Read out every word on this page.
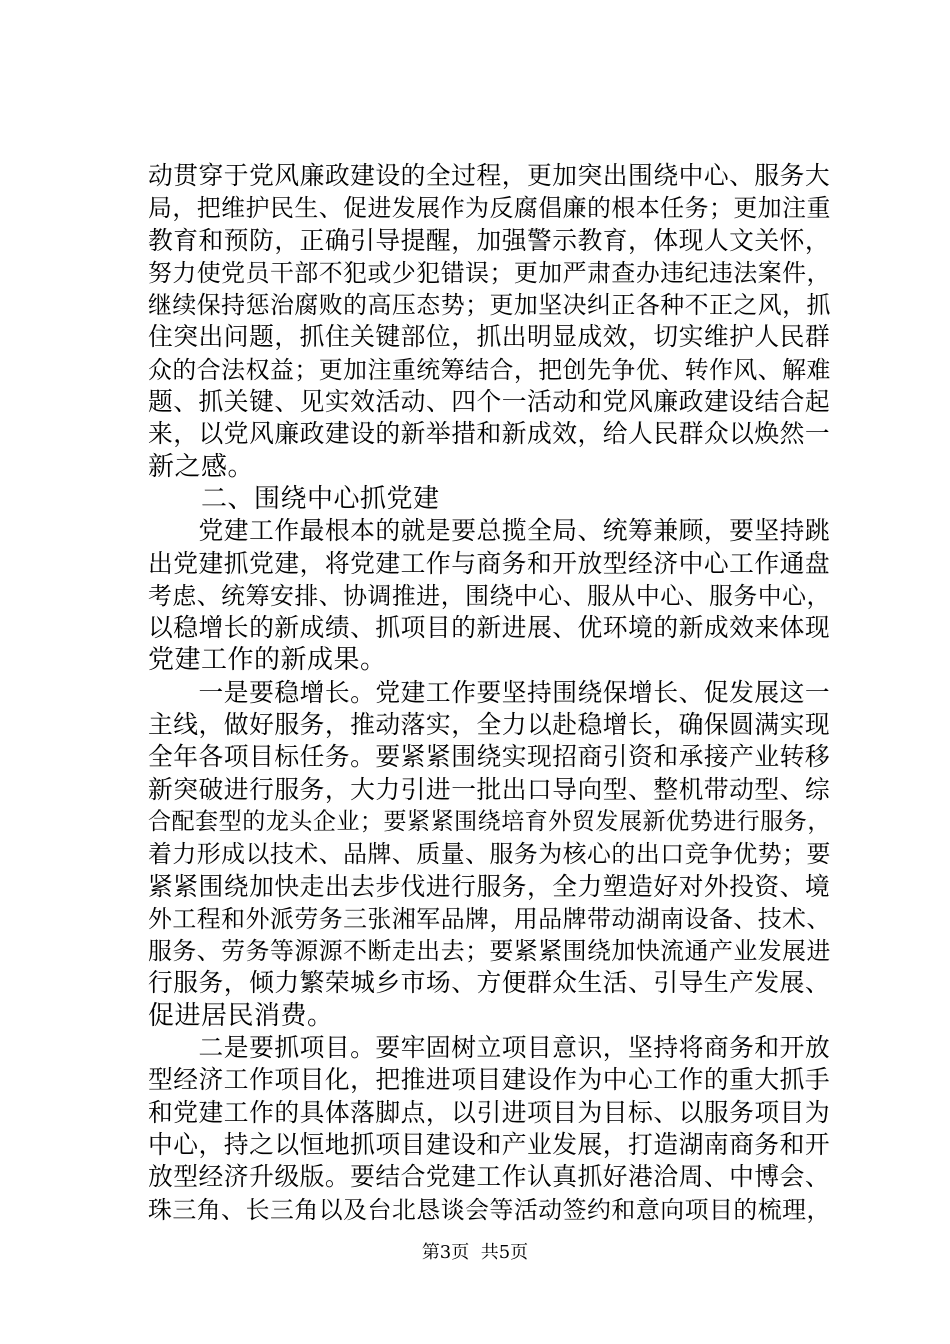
动贯穿于党风廉政建设的全过程，更加突出围绕中心、服务大
局，把维护民生、促进发展作为反腐倡廉的根本任务；更加注重
教育和预防，正确引导提醒，加强警示教育，体现人文关怀，
努力使党员干部不犯或少犯错误；更加严肃查办违纪违法案件，
继续保持惩治腐败的高压态势；更加坚决纠正各种不正之风，抓
住突出问题，抓住关键部位，抓出明显成效，切实维护人民群
众的合法权益；更加注重统筹结合，把创先争优、转作风、解难
题、抓关键、见实效活动、四个一活动和党风廉政建设结合起
来，以党风廉政建设的新举措和新成效，给人民群众以焕然一
新之感。
　　二、围绕中心抓党建
　　党建工作最根本的就是要总揽全局、统筹兼顾，要坚持跳
出党建抓党建，将党建工作与商务和开放型经济中心工作通盘
考虑、统筹安排、协调推进，围绕中心、服从中心、服务中心，
以稳增长的新成绩、抓项目的新进展、优环境的新成效来体现
党建工作的新成果。
　　一是要稳增长。党建工作要坚持围绕保增长、促发展这一
主线，做好服务，推动落实，全力以赴稳增长，确保圆满实现
全年各项目标任务。要紧紧围绕实现招商引资和承接产业转移
新突破进行服务，大力引进一批出口导向型、整机带动型、综
合配套型的龙头企业；要紧紧围绕培育外贸发展新优势进行服务，
着力形成以技术、品牌、质量、服务为核心的出口竞争优势；要
紧紧围绕加快走出去步伐进行服务，全力塑造好对外投资、境
外工程和外派劳务三张湘军品牌，用品牌带动湖南设备、技术、
服务、劳务等源源不断走出去；要紧紧围绕加快流通产业发展进
行服务，倾力繁荣城乡市场、方便群众生活、引导生产发展、
促进居民消费。
　　二是要抓项目。要牢固树立项目意识，坚持将商务和开放
型经济工作项目化，把推进项目建设作为中心工作的重大抓手
和党建工作的具体落脚点，以引进项目为目标、以服务项目为
中心，持之以恒地抓项目建设和产业发展，打造湖南商务和开
放型经济升级版。要结合党建工作认真抓好港洽周、中博会、
珠三角、长三角以及台北恳谈会等活动签约和意向项目的梳理，
第3页  共5页
